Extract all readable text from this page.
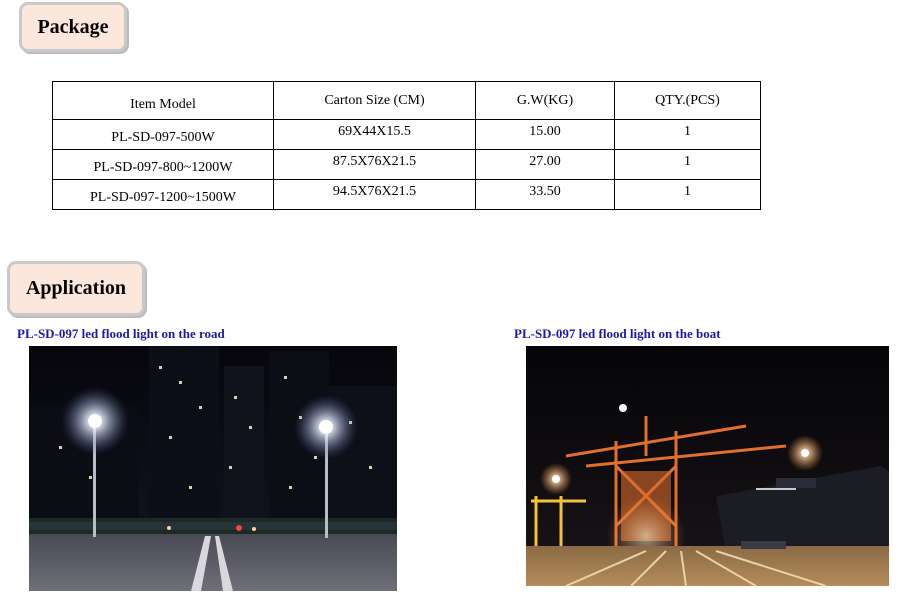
Package
Item Model	Carton Size (CM)	G.W(KG)	QTY.(PCS)
PL-SD-097-500W	69X44X15.5	15.00	1
PL-SD-097-800~1200W	87.5X76X21.5	27.00	1
PL-SD-097-1200~1500W	94.5X76X21.5	33.50	1
Application
PL-SD-097 led flood light on the road	PL-SD-097 led flood light on the boat
